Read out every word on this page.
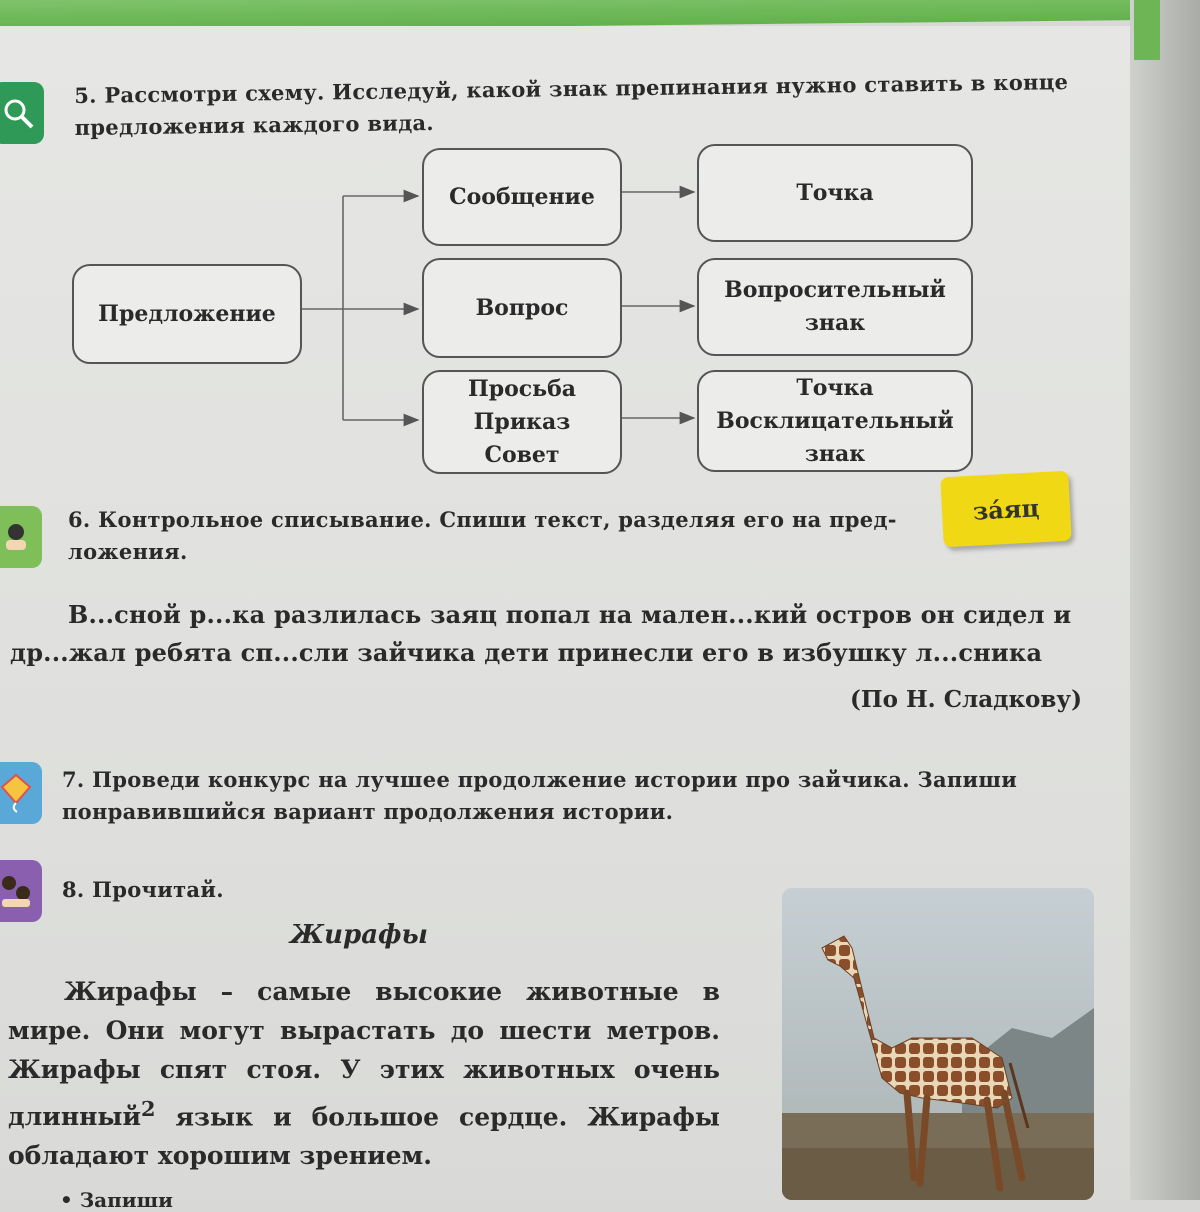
5. Рассмотри схему. Исследуй, какой знак препинания нужно ставить в конце предложения каждого вида.
Предложение
Сообщение
Вопрос
Просьба
Приказ
Совет
Точка
Вопросительный
знак
Точка
Восклицательный
знак
6. Контрольное списывание. Спиши текст, разделяя его на пред-ложения.
за́яц
В...сной р...ка разлилась заяц попал на мален...кий остров он сидел и
др...жал ребята сп...сли зайчика дети принесли его в избушку л...сника
(По Н. Сладкову)
7. Проведи конкурс на лучшее продолжение истории про зайчика. Запиши понравившийся вариант продолжения истории.
8. Прочитай.
Жирафы
Жирафы – самые высокие животные в мире. Они могут вырастать до шести метров. Жирафы спят стоя. У этих животных очень длинный$^2$ язык и большое сердце. Жирафы обладают хорошим зрением.
• Запиши
